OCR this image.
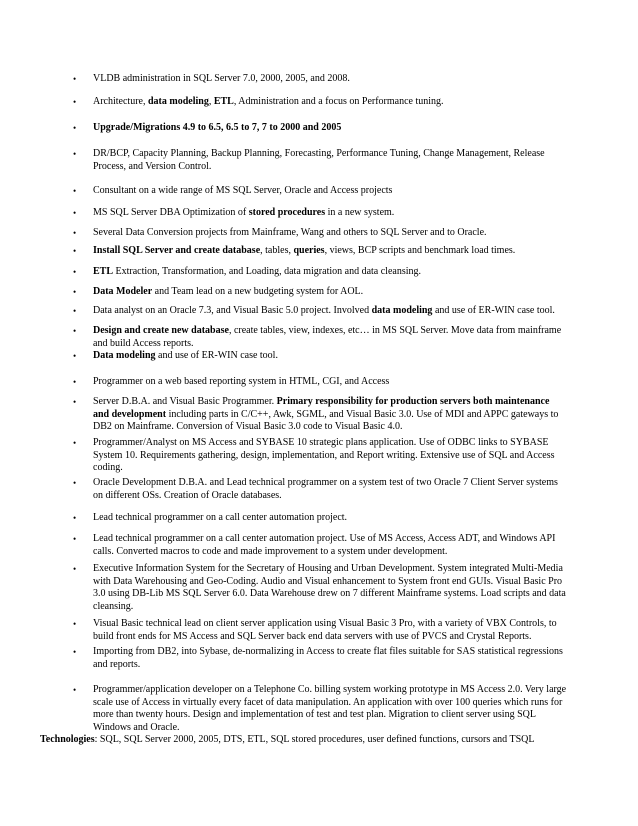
• VLDB administration in SQL Server 7.0, 2000, 2005, and 2008.

• Architecture, data modeling, ETL, Administration and a focus on Performance tuning.

• Upgrade/Migrations 4.9 to 6.5, 6.5 to 7, 7 to 2000 and 2005

• DR/BCP, Capacity Planning, Backup Planning, Forecasting, Performance Tuning, Change Management, Release Process, and Version Control.

• Consultant on a wide range of MS SQL Server, Oracle and Access projects

• MS SQL Server DBA Optimization of stored procedures in a new system.

• Several Data Conversion projects from Mainframe, Wang and others to SQL Server and to Oracle.

• Install SQL Server and create database, tables, queries, views, BCP scripts and benchmark load times.

• ETL Extraction, Transformation, and Loading, data migration and data cleansing.

• Data Modeler and Team lead on a new budgeting system for AOL.

• Data analyst on an Oracle 7.3, and Visual Basic 5.0 project. Involved data modeling and use of ER-WIN case tool.

• Design and create new database, create tables, view, indexes, etc… in MS SQL Server. Move data from mainframe and build Access reports.

• Data modeling and use of ER-WIN case tool.

• Programmer on a web based reporting system in HTML, CGI, and Access

• Server D.B.A. and Visual Basic Programmer. Primary responsibility for production servers both maintenance and development including parts in C/C++, Awk, SGML, and Visual Basic 3.0. Use of MDI and APPC gateways to DB2 on Mainframe. Conversion of Visual Basic 3.0 code to Visual Basic 4.0.

• Programmer/Analyst on MS Access and SYBASE 10 strategic plans application. Use of ODBC links to SYBASE System 10. Requirements gathering, design, implementation, and Report writing. Extensive use of SQL and Access coding.

• Oracle Development D.B.A. and Lead technical programmer on a system test of two Oracle 7 Client Server systems on different OSs. Creation of Oracle databases.

• Lead technical programmer on a call center automation project.

• Lead technical programmer on a call center automation project. Use of MS Access, Access ADT, and Windows API calls. Converted macros to code and made improvement to a system under development.

• Executive Information System for the Secretary of Housing and Urban Development. System integrated Multi-Media with Data Warehousing and Geo-Coding. Audio and Visual enhancement to System front end GUIs. Visual Basic Pro 3.0 using DB-Lib MS SQL Server 6.0. Data Warehouse drew on 7 different Mainframe systems. Load scripts and data cleansing.

• Visual Basic technical lead on client server application using Visual Basic 3 Pro, with a variety of VBX Controls, to build front ends for MS Access and SQL Server back end data servers with use of PVCS and Crystal Reports.

• Importing from DB2, into Sybase, de-normalizing in Access to create flat files suitable for SAS statistical regressions and reports.

• Programmer/application developer on a Telephone Co. billing system working prototype in MS Access 2.0. Very large scale use of Access in virtually every facet of data manipulation. An application with over 100 queries which runs for more than twenty hours. Design and implementation of test and test plan. Migration to client server using SQL Windows and Oracle.

Technologies: SQL, SQL Server 2000, 2005, DTS, ETL, SQL stored procedures, user defined functions, cursors and TSQL
